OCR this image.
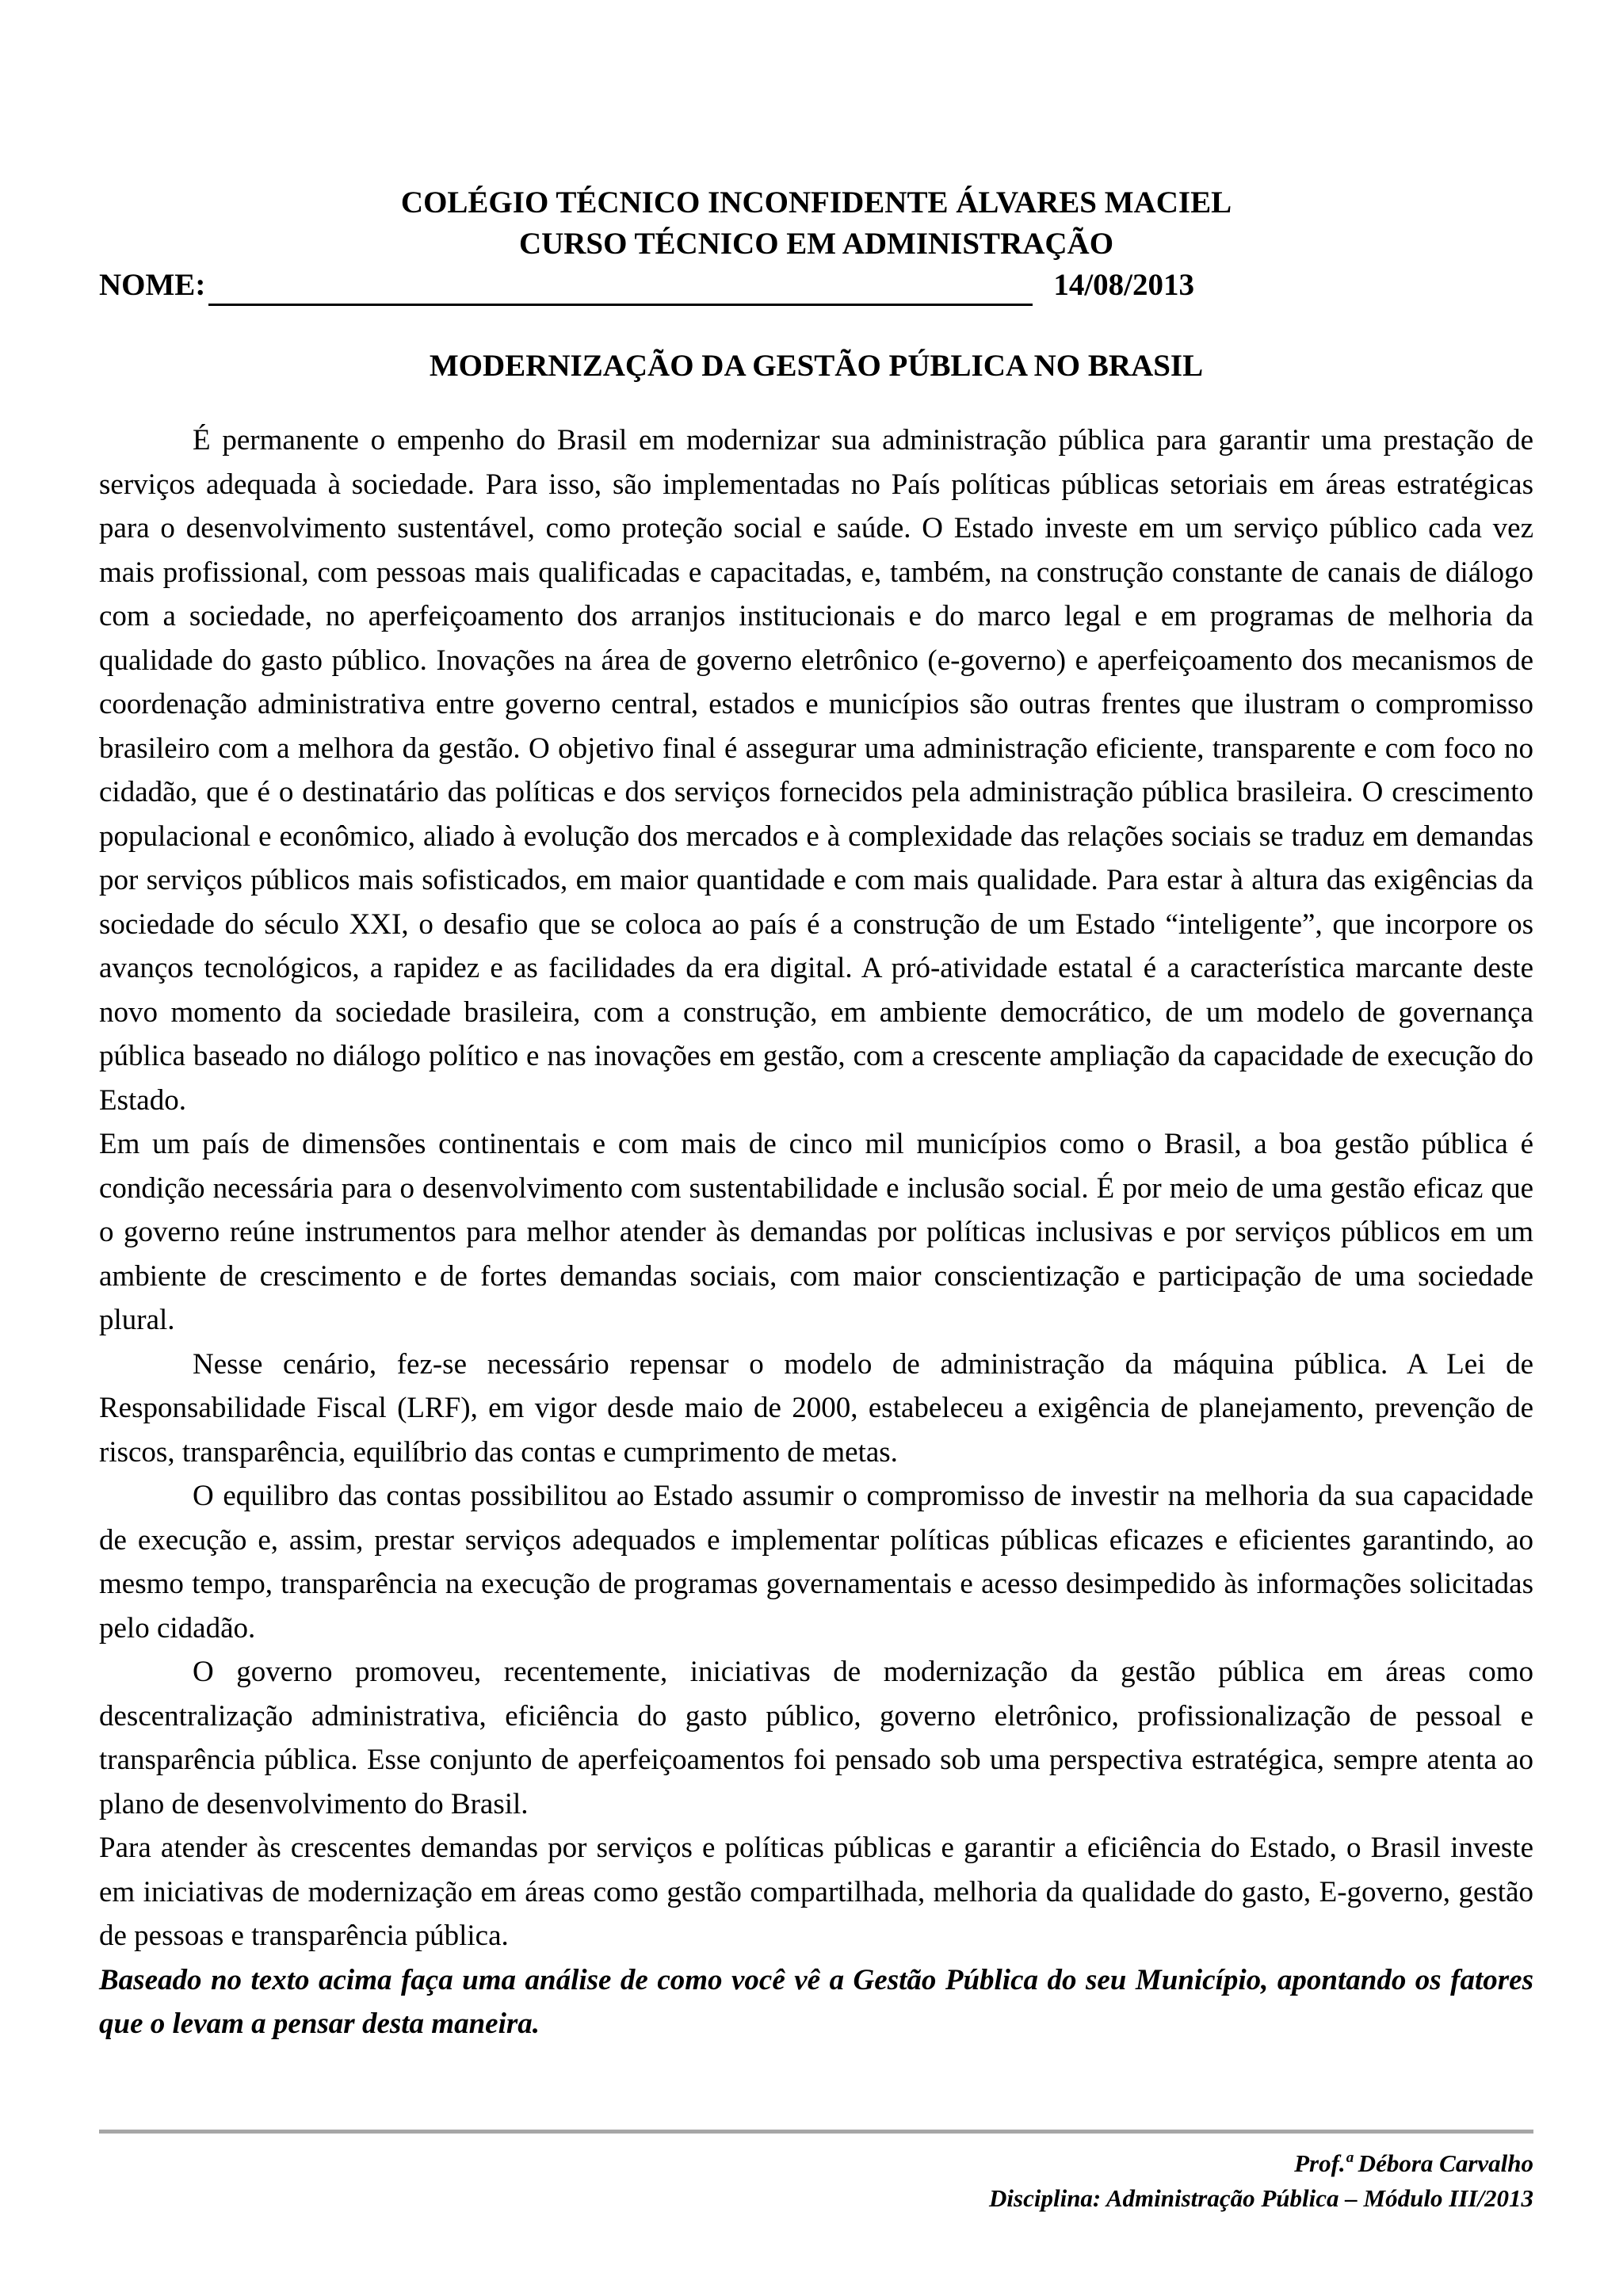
COLÉGIO TÉCNICO INCONFIDENTE ÁLVARES MACIEL
CURSO TÉCNICO EM ADMINISTRAÇÃO
NOME:	14/08/2013
MODERNIZAÇÃO DA GESTÃO PÚBLICA NO BRASIL

É permanente o empenho do Brasil em modernizar sua administração pública para garantir uma prestação de serviços adequada à sociedade. Para isso, são implementadas no País políticas públicas setoriais em áreas estratégicas para o desenvolvimento sustentável, como proteção social e saúde. O Estado investe em um serviço público cada vez mais profissional, com pessoas mais qualificadas e capacitadas, e, também, na construção constante de canais de diálogo com a sociedade, no aperfeiçoamento dos arranjos institucionais e do marco legal e em programas de melhoria da qualidade do gasto público. Inovações na área de governo eletrônico (e-governo) e aperfeiçoamento dos mecanismos de coordenação administrativa entre governo central, estados e municípios são outras frentes que ilustram o compromisso brasileiro com a melhora da gestão. O objetivo final é assegurar uma administração eficiente, transparente e com foco no cidadão, que é o destinatário das políticas e dos serviços fornecidos pela administração pública brasileira. O crescimento populacional e econômico, aliado à evolução dos mercados e à complexidade das relações sociais se traduz em demandas por serviços públicos mais sofisticados, em maior quantidade e com mais qualidade. Para estar à altura das exigências da sociedade do século XXI, o desafio que se coloca ao país é a construção de um Estado “inteligente”, que incorpore os avanços tecnológicos, a rapidez e as facilidades da era digital. A pró-atividade estatal é a característica marcante deste novo momento da sociedade brasileira, com a construção, em ambiente democrático, de um modelo de governança pública baseado no diálogo político e nas inovações em gestão, com a crescente ampliação da capacidade de execução do Estado.

Em um país de dimensões continentais e com mais de cinco mil municípios como o Brasil, a boa gestão pública é condição necessária para o desenvolvimento com sustentabilidade e inclusão social. É por meio de uma gestão eficaz que o governo reúne instrumentos para melhor atender às demandas por políticas inclusivas e por serviços públicos em um ambiente de crescimento e de fortes demandas sociais, com maior conscientização e participação de uma sociedade plural.

Nesse cenário, fez-se necessário repensar o modelo de administração da máquina pública. A Lei de Responsabilidade Fiscal (LRF), em vigor desde maio de 2000, estabeleceu a exigência de planejamento, prevenção de riscos, transparência, equilíbrio das contas e cumprimento de metas.

O equilibro das contas possibilitou ao Estado assumir o compromisso de investir na melhoria da sua capacidade de execução e, assim, prestar serviços adequados e implementar políticas públicas eficazes e eficientes garantindo, ao mesmo tempo, transparência na execução de programas governamentais e acesso desimpedido às informações solicitadas pelo cidadão.

O governo promoveu, recentemente, iniciativas de modernização da gestão pública em áreas como descentralização administrativa, eficiência do gasto público, governo eletrônico, profissionalização de pessoal e transparência pública. Esse conjunto de aperfeiçoamentos foi pensado sob uma perspectiva estratégica, sempre atenta ao plano de desenvolvimento do Brasil.

Para atender às crescentes demandas por serviços e políticas públicas e garantir a eficiência do Estado, o Brasil investe em iniciativas de modernização em áreas como gestão compartilhada, melhoria da qualidade do gasto, E-governo, gestão de pessoas e transparência pública.

Baseado no texto acima faça uma análise de como você vê a Gestão Pública do seu Município, apontando os fatores que o levam a pensar desta maneira.

Prof.ª Débora Carvalho
Disciplina: Administração Pública – Módulo III/2013
